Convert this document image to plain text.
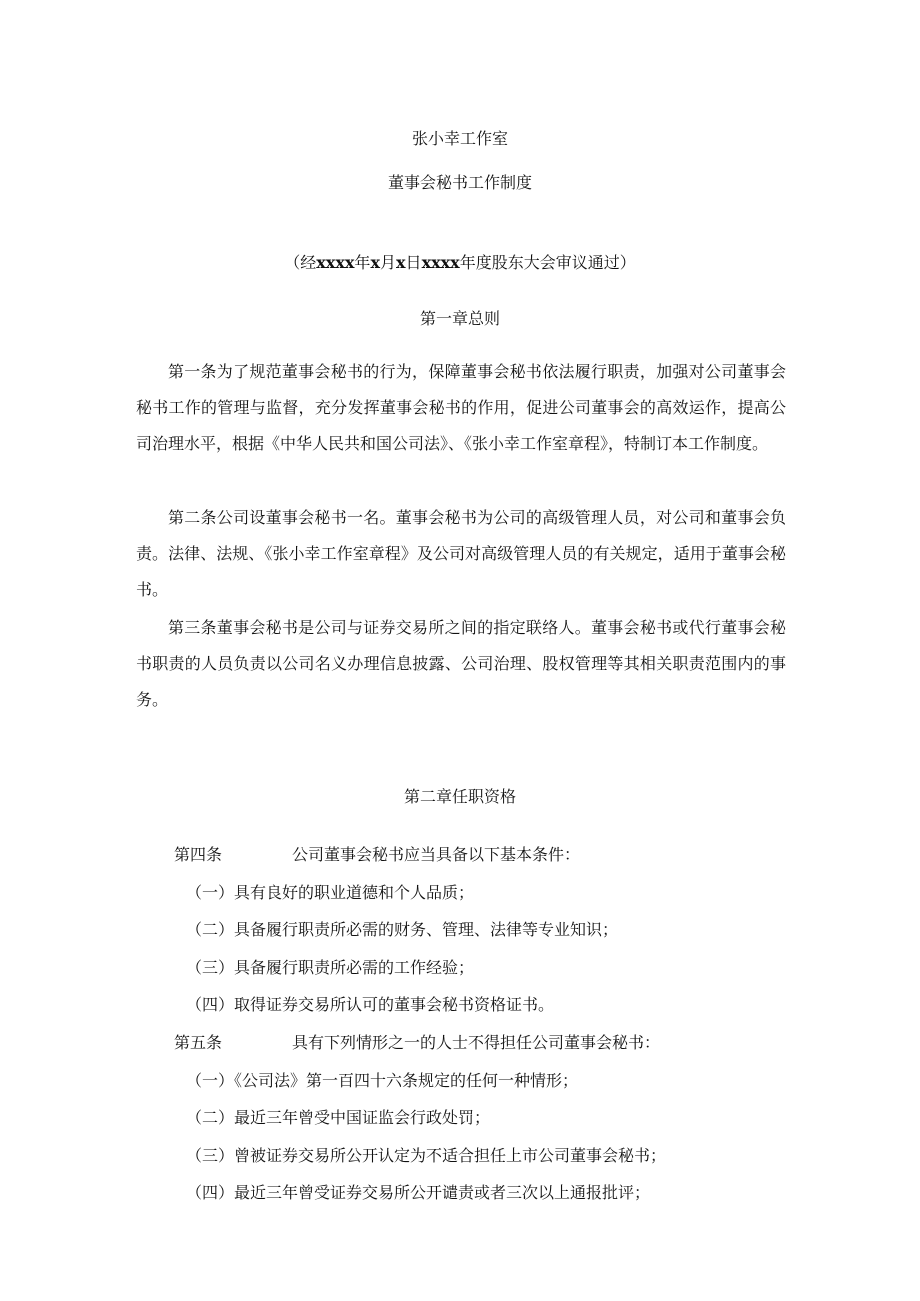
张小幸工作室
董事会秘书工作制度
（经xxxx年x月x日xxxx年度股东大会审议通过）
第一章总则
第一条为了规范董事会秘书的行为，保障董事会秘书依法履行职责，加强对公司董事会秘书工作的管理与监督，充分发挥董事会秘书的作用，促进公司董事会的高效运作，提高公司治理水平，根据《中华人民共和国公司法》、《张小幸工作室章程》，特制订本工作制度。
第二条公司设董事会秘书一名。董事会秘书为公司的高级管理人员，对公司和董事会负责。法律、法规、《张小幸工作室章程》及公司对高级管理人员的有关规定，适用于董事会秘书。
第三条董事会秘书是公司与证券交易所之间的指定联络人。董事会秘书或代行董事会秘书职责的人员负责以公司名义办理信息披露、公司治理、股权管理等其相关职责范围内的事务。
第二章任职资格
第四条	公司董事会秘书应当具备以下基本条件：
（一）具有良好的职业道德和个人品质；
（二）具备履行职责所必需的财务、管理、法律等专业知识；
（三）具备履行职责所必需的工作经验；
（四）取得证券交易所认可的董事会秘书资格证书。
第五条	具有下列情形之一的人士不得担任公司董事会秘书：
（一）《公司法》第一百四十六条规定的任何一种情形；
（二）最近三年曾受中国证监会行政处罚；
（三）曾被证券交易所公开认定为不适合担任上市公司董事会秘书；
（四）最近三年曾受证券交易所公开谴责或者三次以上通报批评；
